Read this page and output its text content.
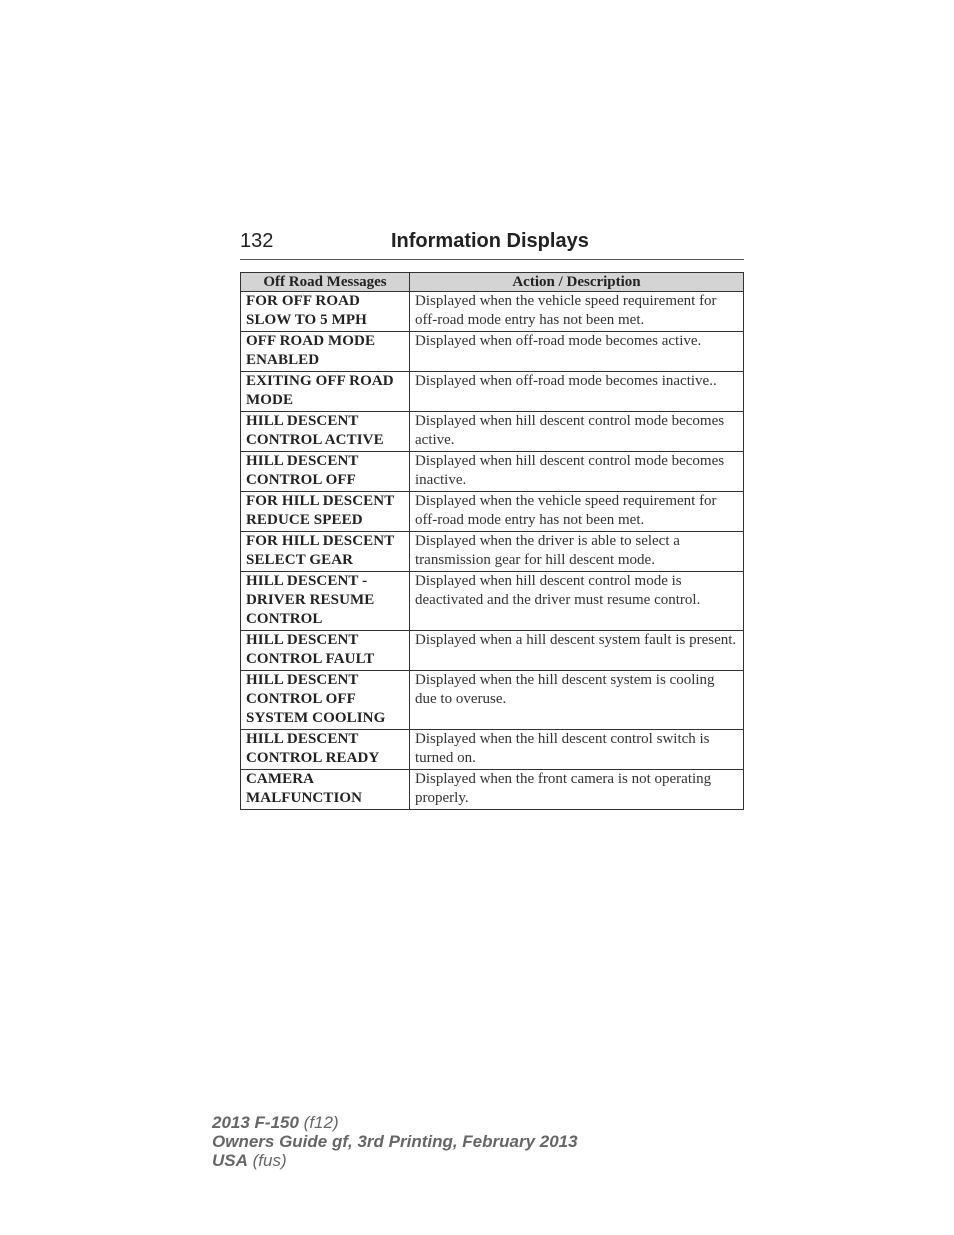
132	Information Displays
Off Road Messages	Action / Description
FOR OFF ROAD SLOW TO 5 MPH	Displayed when the vehicle speed requirement for off-road mode entry has not been met.
OFF ROAD MODE ENABLED	Displayed when off-road mode becomes active.
EXITING OFF ROAD MODE	Displayed when off-road mode becomes inactive..
HILL DESCENT CONTROL ACTIVE	Displayed when hill descent control mode becomes active.
HILL DESCENT CONTROL OFF	Displayed when hill descent control mode becomes inactive.
FOR HILL DESCENT REDUCE SPEED	Displayed when the vehicle speed requirement for off-road mode entry has not been met.
FOR HILL DESCENT SELECT GEAR	Displayed when the driver is able to select a transmission gear for hill descent mode.
HILL DESCENT - DRIVER RESUME CONTROL	Displayed when hill descent control mode is deactivated and the driver must resume control.
HILL DESCENT CONTROL FAULT	Displayed when a hill descent system fault is present.
HILL DESCENT CONTROL OFF SYSTEM COOLING	Displayed when the hill descent system is cooling due to overuse.
HILL DESCENT CONTROL READY	Displayed when the hill descent control switch is turned on.
CAMERA MALFUNCTION	Displayed when the front camera is not operating properly.
2013 F-150 (f12)
Owners Guide gf, 3rd Printing, February 2013
USA (fus)
